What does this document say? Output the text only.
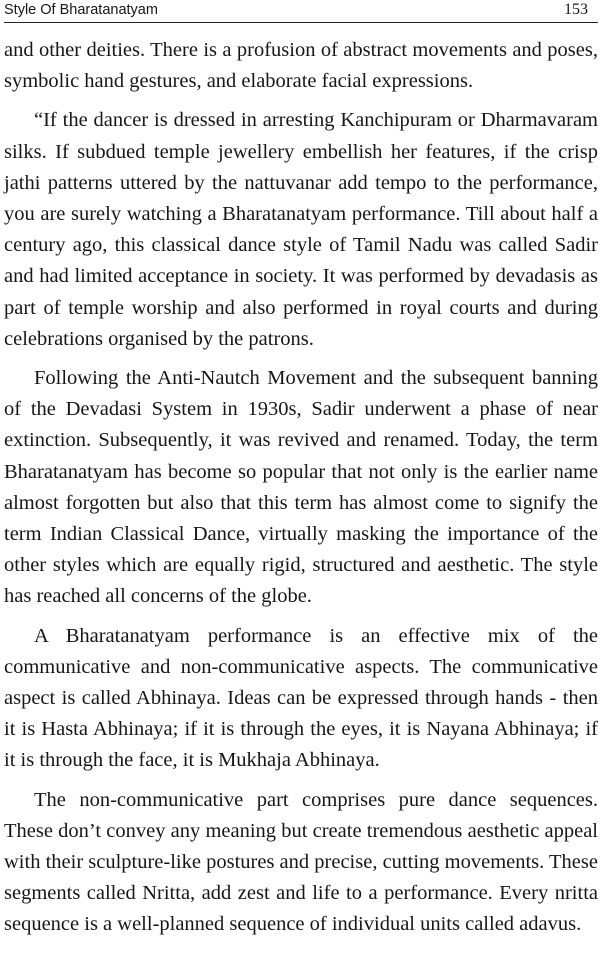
Style Of Bharatanatyam	153

and other deities. There is a profusion of abstract movements and poses, symbolic hand gestures, and elaborate facial expressions.

“If the dancer is dressed in arresting Kanchipuram or Dharmavaram silks. If subdued temple jewellery embellish her features, if the crisp jathi patterns uttered by the nattuvanar add tempo to the performance, you are surely watching a Bharatanatyam performance. Till about half a century ago, this classical dance style of Tamil Nadu was called Sadir and had limited acceptance in society. It was performed by devadasis as part of temple worship and also performed in royal courts and during celebrations organised by the patrons.

Following the Anti-Nautch Movement and the subsequent banning of the Devadasi System in 1930s, Sadir underwent a phase of near extinction. Subsequently, it was revived and renamed. Today, the term Bharatanatyam has become so popular that not only is the earlier name almost forgotten but also that this term has almost come to signify the term Indian Classical Dance, virtually masking the importance of the other styles which are equally rigid, structured and aesthetic. The style has reached all concerns of the globe.

A Bharatanatyam performance is an effective mix of the communicative and non-communicative aspects. The communicative aspect is called Abhinaya. Ideas can be expressed through hands - then it is Hasta Abhinaya; if it is through the eyes, it is Nayana Abhinaya; if it is through the face, it is Mukhaja Abhinaya.

The non-communicative part comprises pure dance sequences. These don’t convey any meaning but create tremendous aesthetic appeal with their sculpture-like postures and precise, cutting movements. These segments called Nritta, add zest and life to a performance. Every nritta sequence is a well-planned sequence of individual units called adavus.
